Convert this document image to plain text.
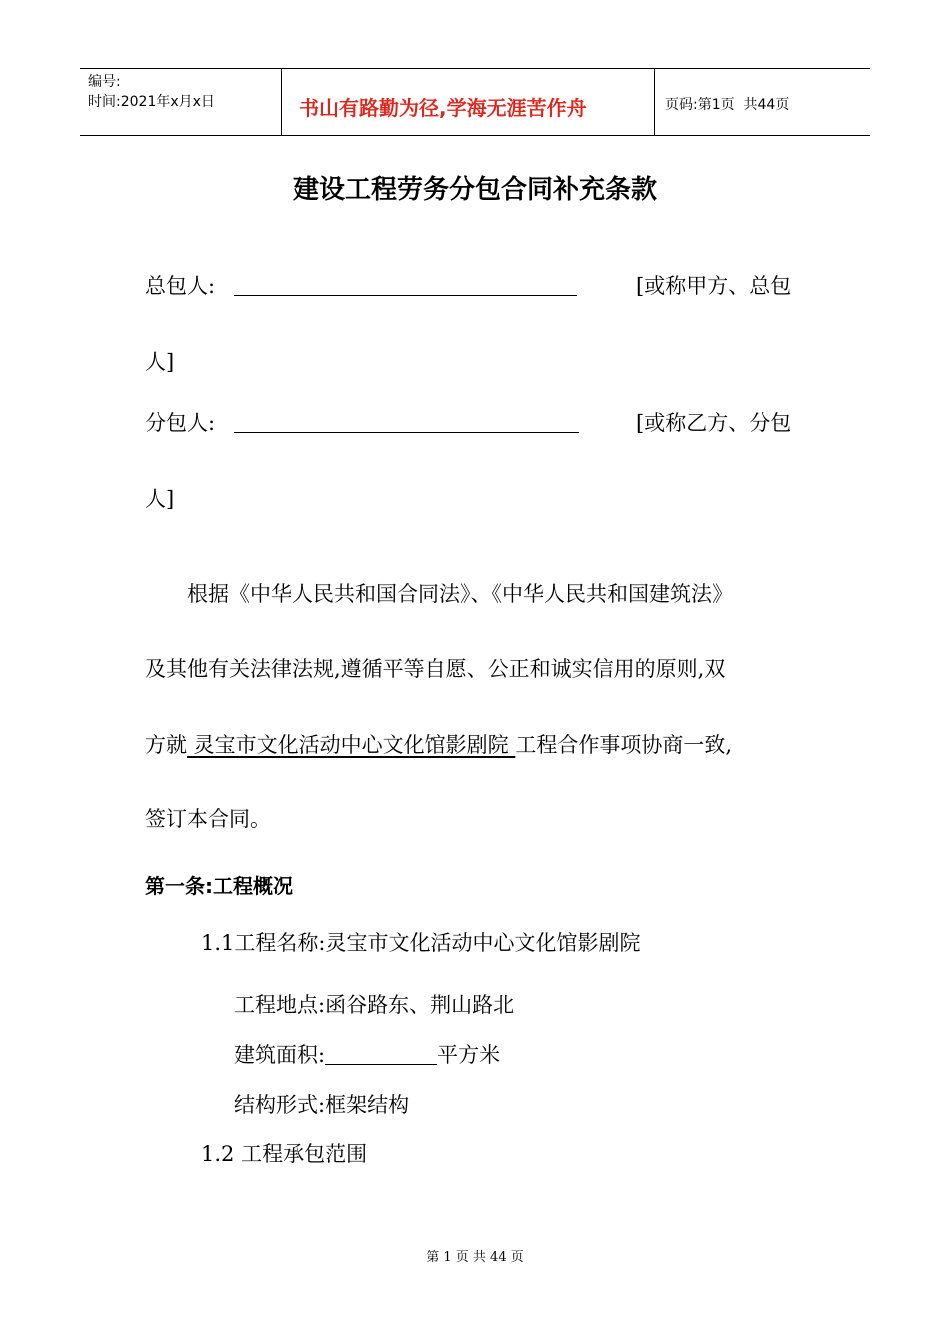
编号:
时间:2021年x月x日	书山有路勤为径,学海无涯苦作舟	页码:第1页  共44页
建设工程劳务分包合同补充条款
总包人:	[或称甲方、总包
人]
分包人:	[或称乙方、分包
人]
根据《中华人民共和国合同法》、《中华人民共和国建筑法》
及其他有关法律法规,遵循平等自愿、公正和诚实信用的原则,双
方就 灵宝市文化活动中心文化馆影剧院 工程合作事项协商一致,
签订本合同。
第一条:工程概况
1.1工程名称:灵宝市文化活动中心文化馆影剧院
工程地点:函谷路东、荆山路北
建筑面积:	平方米
结构形式:框架结构
1.2 工程承包范围
第 1 页 共 44 页
